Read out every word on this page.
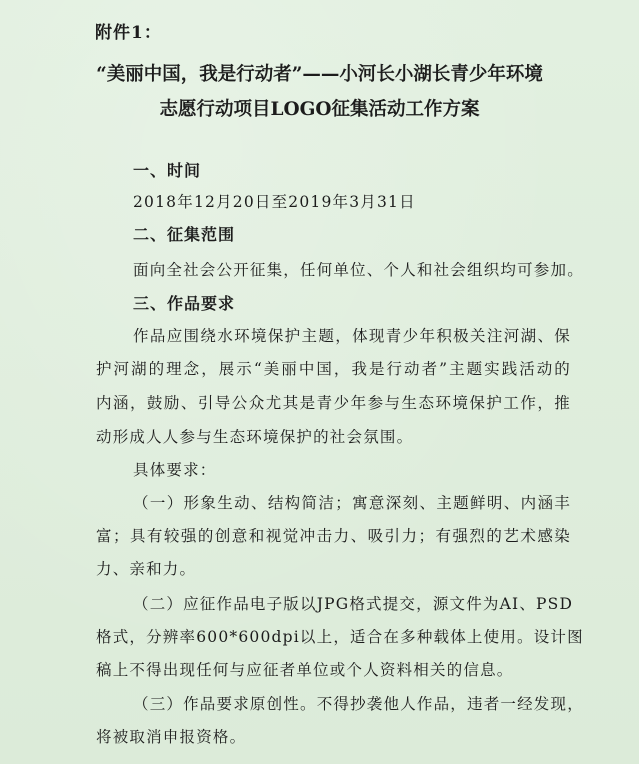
附件1：
“美丽中国，我是行动者”——小河长小湖长青少年环境
志愿行动项目LOGO征集活动工作方案
一、时间
2018年12月20日至2019年3月31日
二、征集范围
面向全社会公开征集，任何单位、个人和社会组织均可参加。
三、作品要求
作品应围绕水环境保护主题，体现青少年积极关注河湖、保
护河湖的理念，展示“美丽中国，我是行动者”主题实践活动的
内涵，鼓励、引导公众尤其是青少年参与生态环境保护工作，推
动形成人人参与生态环境保护的社会氛围。
具体要求：
（一）形象生动、结构简洁；寓意深刻、主题鲜明、内涵丰
富；具有较强的创意和视觉冲击力、吸引力；有强烈的艺术感染
力、亲和力。
（二）应征作品电子版以JPG格式提交，源文件为AI、PSD
格式，分辨率600*600dpi以上，适合在多种载体上使用。设计图
稿上不得出现任何与应征者单位或个人资料相关的信息。
（三）作品要求原创性。不得抄袭他人作品，违者一经发现，
将被取消申报资格。
